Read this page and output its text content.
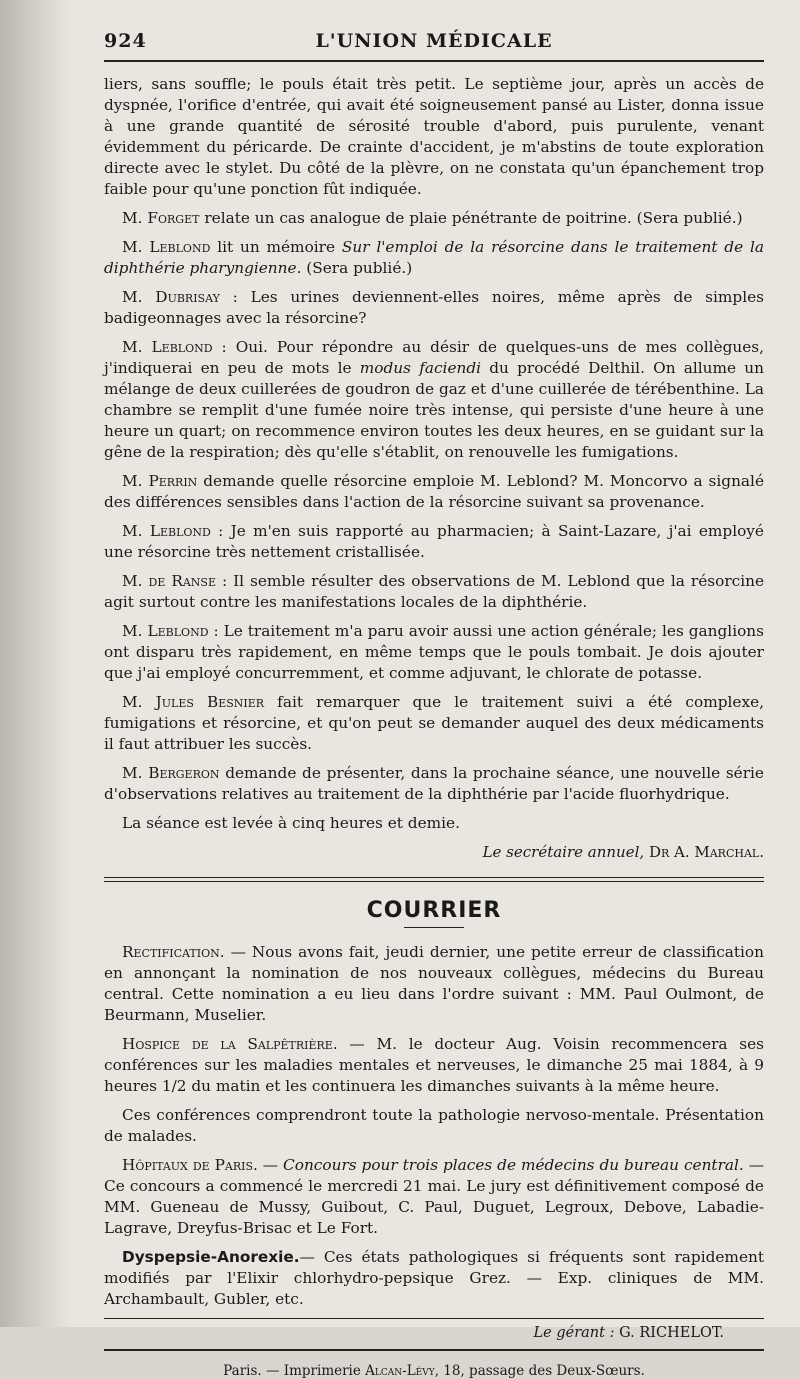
924	L'UNION MÉDICALE

liers, sans souffle; le pouls était très petit. Le septième jour, après un accès de dyspnée, l'orifice d'entrée, qui avait été soigneusement pansé au Lister, donna issue à une grande quantité de sérosité trouble d'abord, puis purulente, venant évidemment du péricarde. De crainte d'accident, je m'abstins de toute exploration directe avec le stylet. Du côté de la plèvre, on ne constata qu'un épanchement trop faible pour qu'une ponction fût indiquée.

M. Forget relate un cas analogue de plaie pénétrante de poitrine. (Sera publié.)

M. Leblond lit un mémoire Sur l'emploi de la résorcine dans le traitement de la diphthérie pharyngienne. (Sera publié.)

M. Dubrisay : Les urines deviennent-elles noires, même après de simples badigeonnages avec la résorcine?

M. Leblond : Oui. Pour répondre au désir de quelques-uns de mes collègues, j'indiquerai en peu de mots le modus faciendi du procédé Delthil. On allume un mélange de deux cuillerées de goudron de gaz et d'une cuillerée de térébenthine. La chambre se remplit d'une fumée noire très intense, qui persiste d'une heure à une heure un quart; on recommence environ toutes les deux heures, en se guidant sur la gêne de la respiration; dès qu'elle s'établit, on renouvelle les fumigations.

M. Perrin demande quelle résorcine emploie M. Leblond? M. Moncorvo a signalé des différences sensibles dans l'action de la résorcine suivant sa provenance.

M. Leblond : Je m'en suis rapporté au pharmacien; à Saint-Lazare, j'ai employé une résorcine très nettement cristallisée.

M. de Ranse : Il semble résulter des observations de M. Leblond que la résorcine agit surtout contre les manifestations locales de la diphthérie.

M. Leblond : Le traitement m'a paru avoir aussi une action générale; les ganglions ont disparu très rapidement, en même temps que le pouls tombait. Je dois ajouter que j'ai employé concurremment, et comme adjuvant, le chlorate de potasse.

M. Jules Besnier fait remarquer que le traitement suivi a été complexe, fumigations et résorcine, et qu'on peut se demander auquel des deux médicaments il faut attribuer les succès.

M. Bergeron demande de présenter, dans la prochaine séance, une nouvelle série d'observations relatives au traitement de la diphthérie par l'acide fluorhydrique.

La séance est levée à cinq heures et demie.

Le secrétaire annuel, Dr A. Marchal.

COURRIER

Rectification. — Nous avons fait, jeudi dernier, une petite erreur de classification en annonçant la nomination de nos nouveaux collègues, médecins du Bureau central. Cette nomination a eu lieu dans l'ordre suivant : MM. Paul Oulmont, de Beurmann, Muselier.

Hospice de la Salpêtrière. — M. le docteur Aug. Voisin recommencera ses conférences sur les maladies mentales et nerveuses, le dimanche 25 mai 1884, à 9 heures 1/2 du matin et les continuera les dimanches suivants à la même heure.

Ces conférences comprendront toute la pathologie nervoso-mentale. Présentation de malades.

Hôpitaux de Paris. — Concours pour trois places de médecins du bureau central. — Ce concours a commencé le mercredi 21 mai. Le jury est définitivement composé de MM. Gueneau de Mussy, Guibout, C. Paul, Duguet, Legroux, Debove, Labadie-Lagrave, Dreyfus-Brisac et Le Fort.

Dyspepsie-Anorexie.— Ces états pathologiques si fréquents sont rapidement modifiés par l'Elixir chlorhydro-pepsique Grez. — Exp. cliniques de MM. Archambault, Gubler, etc.

Le gérant : G. RICHELOT.
Paris. — Imprimerie Alcan-Lévy, 18, passage des Deux-Sœurs.
